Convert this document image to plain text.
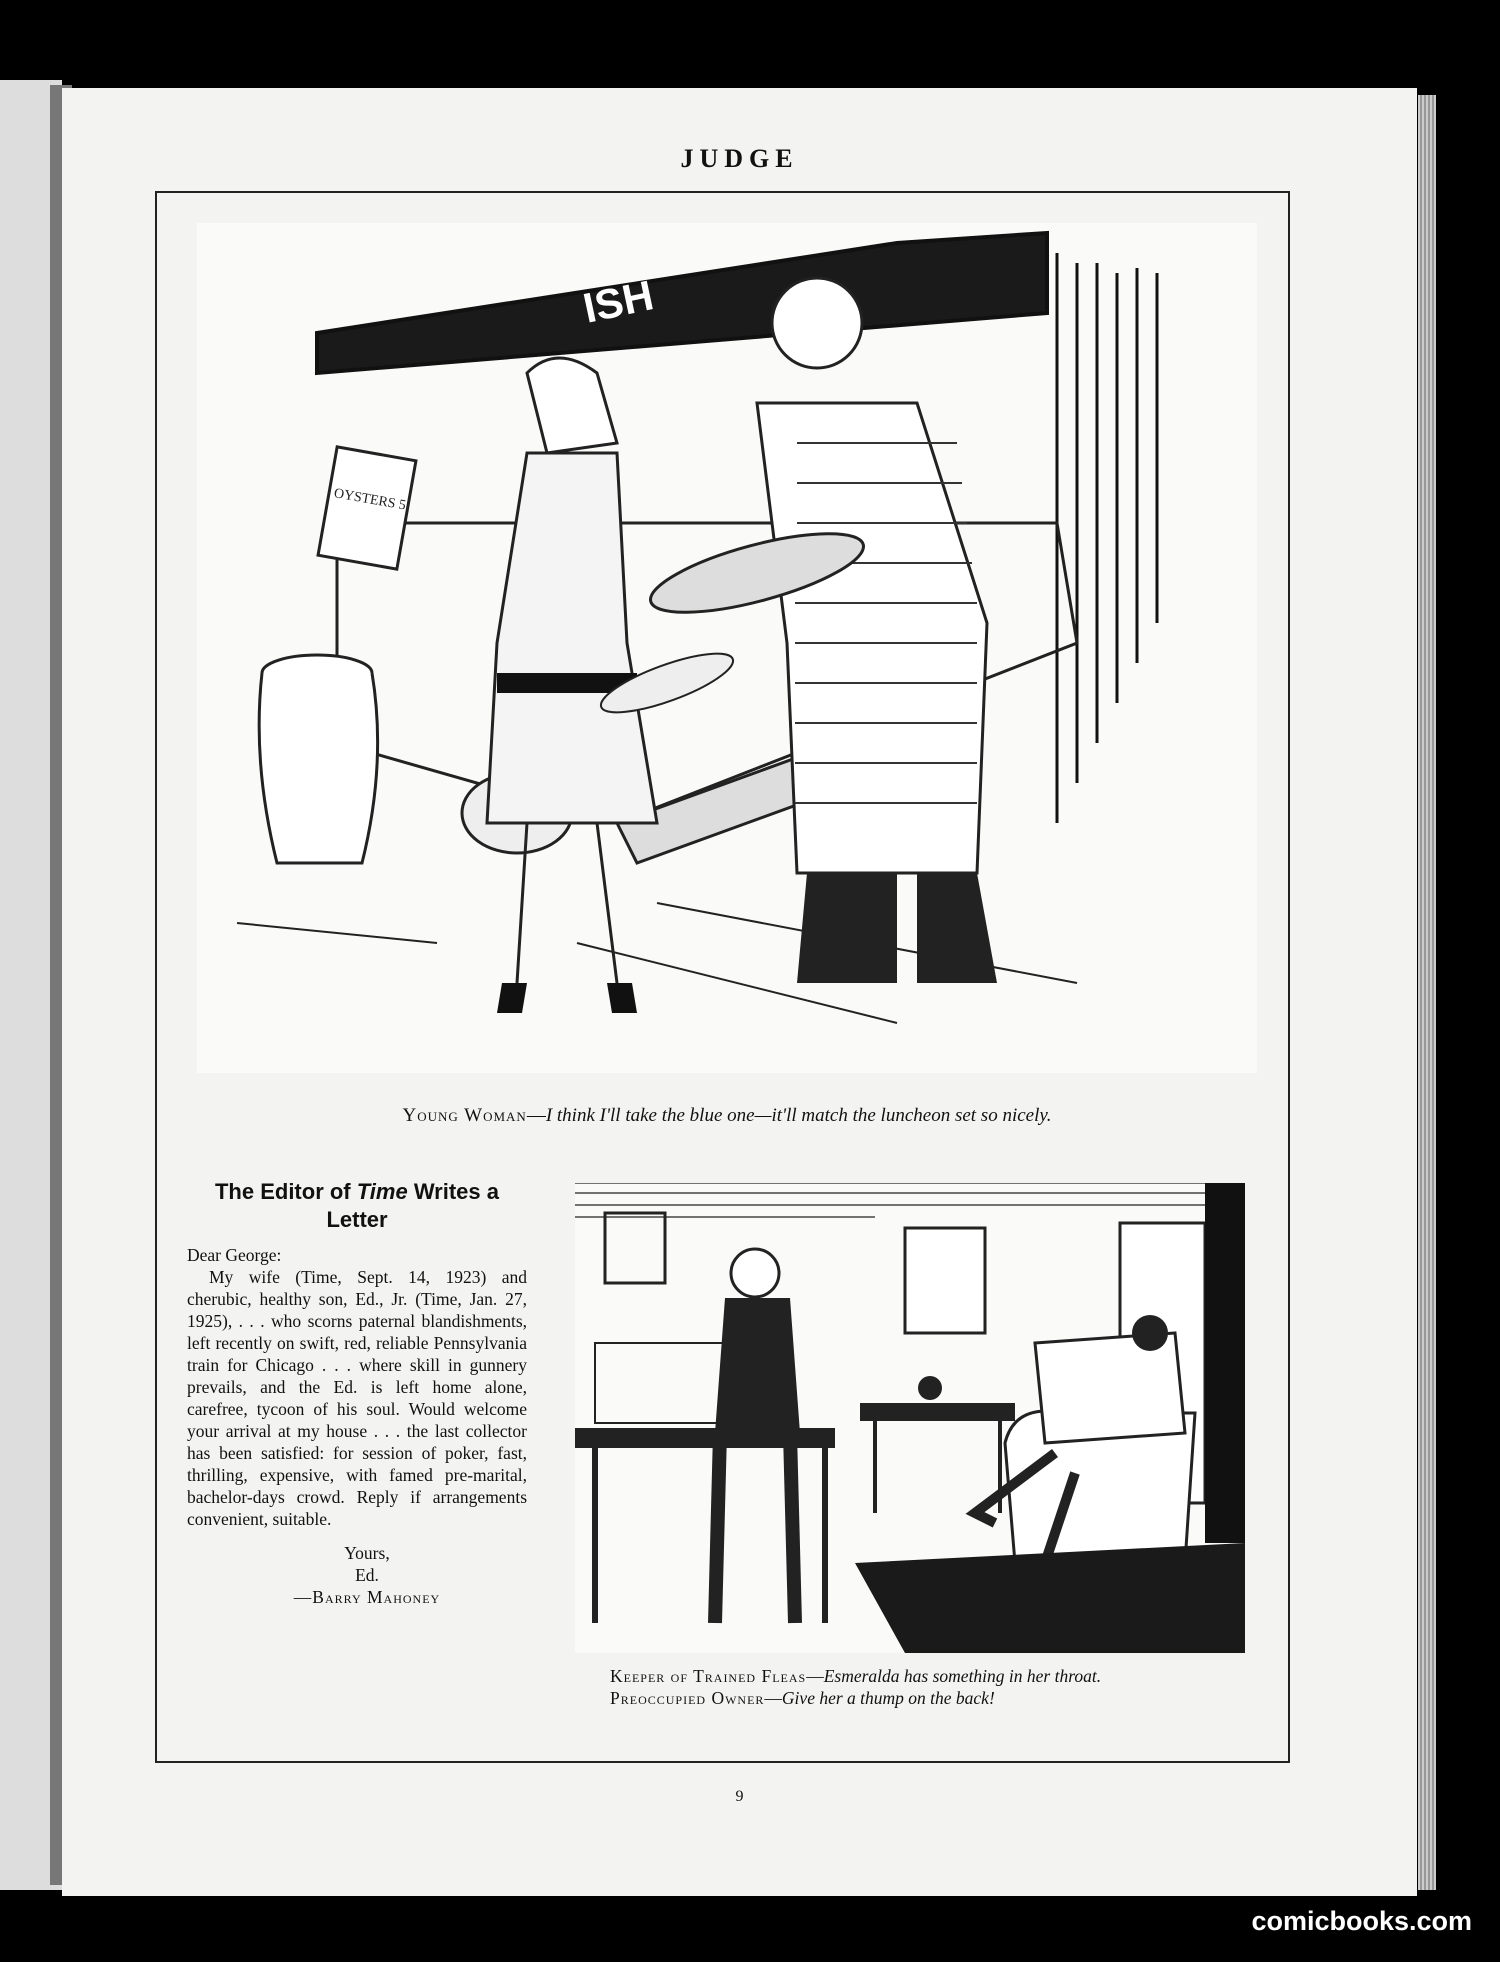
JUDGE
ISH
OYSTERS 5
Young Woman—I think I'll take the blue one—it'll match the luncheon set so nicely.
The Editor of Time Writes a Letter

Dear George:

My wife (Time, Sept. 14, 1923) and cherubic, healthy son, Ed., Jr. (Time, Jan. 27, 1925), . . . who scorns paternal blandishments, left recently on swift, red, reliable Pennsylvania train for Chicago . . . where skill in gunnery prevails, and the Ed. is left home alone, carefree, tycoon of his soul. Would welcome your arrival at my house . . . the last collector has been satisfied: for session of poker, fast, thrilling, expensive, with famed pre-marital, bachelor-days crowd. Reply if arrangements convenient, suitable.

Yours,
Ed.
—Barry Mahoney

Keeper of Trained Fleas—Esmeralda has something in her throat.

Preoccupied Owner—Give her a thump on the back!

9
comicbooks.com
